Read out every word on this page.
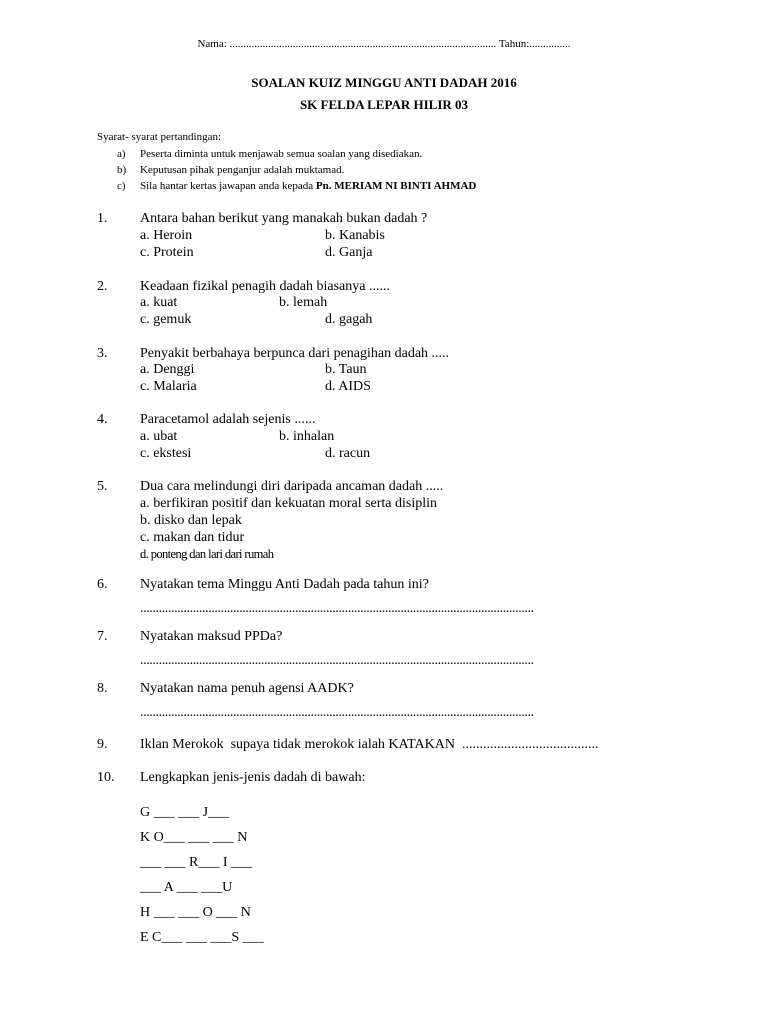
Nama: ................................................................................................. Tahun:...............
SOALAN KUIZ MINGGU ANTI DADAH 2016
SK FELDA LEPAR HILIR 03
Syarat- syarat pertandingan:
a) Peserta diminta untuk menjawab semua soalan yang disediakan.
b) Keputusan pihak penganjur adalah muktamad.
c) Sila hantar kertas jawapan anda kepada Pn. MERIAM NI BINTI AHMAD
1. Antara bahan berikut yang manakah bukan dadah ?
a. Heroin	b. Kanabis
c. Protein	d. Ganja
2. Keadaan fizikal penagih dadah biasanya ......
a. kuat	b. lemah
c. gemuk	d. gagah
3. Penyakit berbahaya berpunca dari penagihan dadah .....
a. Denggi	b. Taun
c. Malaria	d. AIDS
4. Paracetamol adalah sejenis ......
a. ubat	b. inhalan
c. ekstesi	d. racun
5. Dua cara melindungi diri daripada ancaman dadah .....
a. berfikiran positif dan kekuatan moral serta disiplin
b. disko dan lepak
c. makan dan tidur
d. ponteng dan lari dari rumah
6. Nyatakan tema Minggu Anti Dadah pada tahun ini?
...............................................................................................................................
7. Nyatakan maksud PPDa?
...............................................................................................................................
8. Nyatakan nama penuh agensi AADK?
...............................................................................................................................
9. Iklan Merokok  supaya tidak merokok ialah KATAKAN  .......................................
10. Lengkapkan jenis-jenis dadah di bawah:
G ___ ___ J___
K O___ ___ ___ N
___ ___ R___ I ___
___ A ___ ___U
H ___ ___ O ___ N
E C___ ___ ___S ___
